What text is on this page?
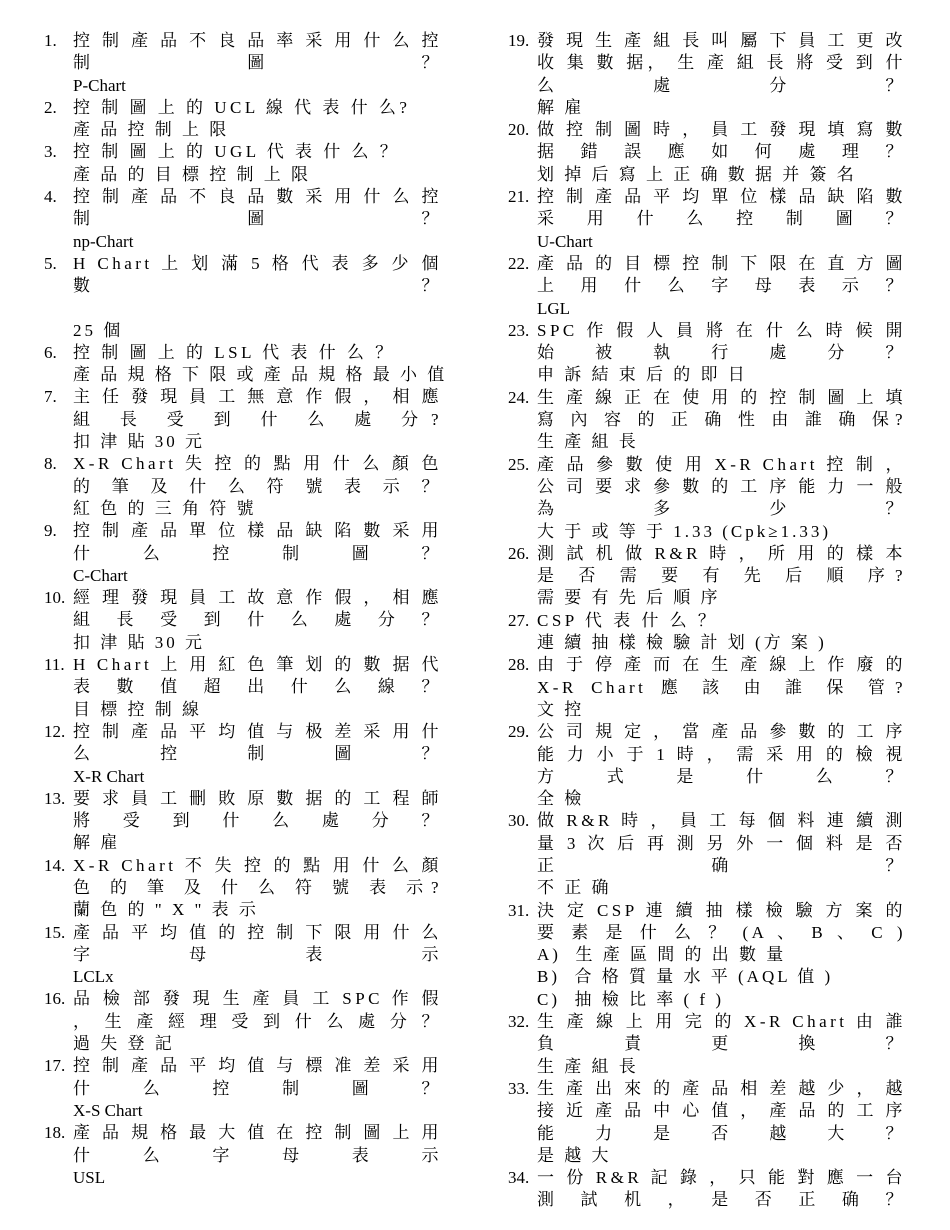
1. 控 制 產 品 不 良 品 率 采 用 什 么 控 制 圖 ？
P-Chart
2. 控 制 圖 上 的 UCL 線 代 表 什 么?
產 品 控 制 上 限
3. 控 制 圖 上 的 UGL 代 表 什 么 ？
產 品 的 目 標 控 制 上 限
4. 控 制 產 品 不 良 品 數 采 用 什 么 控 制 圖 ？
np-Chart
5. H Chart 上 划 滿 5 格 代 表 多 少 個 數 ？
25 個
6. 控 制 圖 上 的 LSL 代 表 什 么 ？
產 品 規 格 下 限 或 產 品 規 格 最 小 值
7. 主 任 發 現 員 工 無 意 作 假 ， 相 應 組 長 受 到 什 么 處 分?
扣 津 貼 30 元
8. X-R Chart 失 控 的 點 用 什 么 顏 色 的 筆 及 什 么 符 號 表 示 ？
紅 色 的 三 角 符 號
9. 控 制 產 品 單 位 樣 品 缺 陷 數 采 用 什 么 控 制 圖 ？
C-Chart
10. 經 理 發 現 員 工 故 意 作 假 ， 相 應 組 長 受 到 什 么 處 分 ？
扣 津 貼 30 元
11. H Chart 上 用 紅 色 筆 划 的 數 据 代 表 數 值 超 出 什 么 線 ？
目 標 控 制 線
12. 控 制 產 品 平 均 值 与 极 差 采 用 什 么 控 制 圖 ？
X-R Chart
13. 要 求 員 工 刪 敗 原 數 据 的 工 程 師 將 受 到 什 么 處 分 ？
解 雇
14. X-R Chart 不 失 控 的 點 用 什 么 顏 色 的 筆 及 什 么 符 號 表 示?
蘭 色 的 " X " 表 示
15. 產 品 平 均 值 的 控 制 下 限 用 什 么 字 母 表 示
LCLx
16. 品 檢 部 發 現 生 產 員 工 SPC 作 假 ， 生 產 經 理 受 到 什 么 處 分 ？
過 失 登 記
17. 控 制 產 品 平 均 值 与 標 准 差 采 用 什 么 控 制 圖 ？
X-S Chart
18. 產 品 規 格 最 大 值 在 控 制 圖 上 用 什 么 字 母 表 示
USL
19. 發 現 生 產 組 長 叫 屬 下 員 工 更 改 收 集 數 据， 生 產 組 長 將 受 到 什 么 處 分 ？
解 雇
20. 做 控 制 圖 時 ， 員 工 發 現 填 寫 數 据 錯 誤 應 如 何 處 理 ？
划 掉 后 寫 上 正 确 數 据 并 簽 名
21. 控 制 產 品 平 均 單 位 樣 品 缺 陷 數 采 用 什 么 控 制 圖 ？
U-Chart
22. 產 品 的 目 標 控 制 下 限 在 直 方 圖 上 用 什 么 字 母 表 示 ？
LGL
23. SPC 作 假 人 員 將 在 什 么 時 候 開 始 被 執 行 處 分 ？
申 訴 結 束 后 的 即 日
24. 生 產 線 正 在 使 用 的 控 制 圖 上 填 寫 內 容 的 正 确 性 由 誰 确 保?
生 產 組 長
25. 產 品 參 數 使 用 X-R Chart 控 制 ， 公 司 要 求 參 數 的 工 序 能 力 一 般 為 多 少 ？
大 于 或 等 于 1.33 (Cpk≥1.33)
26. 測 試 机 做 R&R 時 ， 所 用 的 樣 本 是 否 需 要 有 先 后 順 序?
需 要 有 先 后 順 序
27. CSP 代 表 什 么 ？
連 續 抽 樣 檢 驗 計 划 (方 案 )
28. 由 于 停 產 而 在 生 產 線 上 作 廢 的 X-R Chart 應 該 由 誰 保 管?
文 控
29. 公 司 規 定 ， 當 產 品 參 數 的 工 序 能 力 小 于 1 時 ， 需 采 用 的 檢 視 方 式 是 什 么 ？
全 檢
30. 做 R&R 時 ， 員 工 每 個 料 連 續 測 量 3 次 后 再 測 另 外 一 個 料 是 否 正 确 ？
不 正 确
31. 決 定 CSP 連 續 抽 樣 檢 驗 方 案 的 要 素 是 什 么 ？ (A 、 B 、 C )
A)  生 產 區 間 的 出 數 量
B)  合 格 質 量 水 平 (AQL 值 )
C)  抽 檢 比 率 ( f )
32. 生 產 線 上 用 完 的 X-R Chart 由 誰 負 責 更 換 ？
生 產 組 長
33. 生 產 出 來 的 產 品 相 差 越 少 ， 越 接 近 產 品 中 心 值 ， 產 品 的 工 序 能 力 是 否 越 大 ？
是 越 大
34. 一 份 R&R 記 錄 ， 只 能 對 應 一 台 測 試 机 ， 是 否 正 确 ？
